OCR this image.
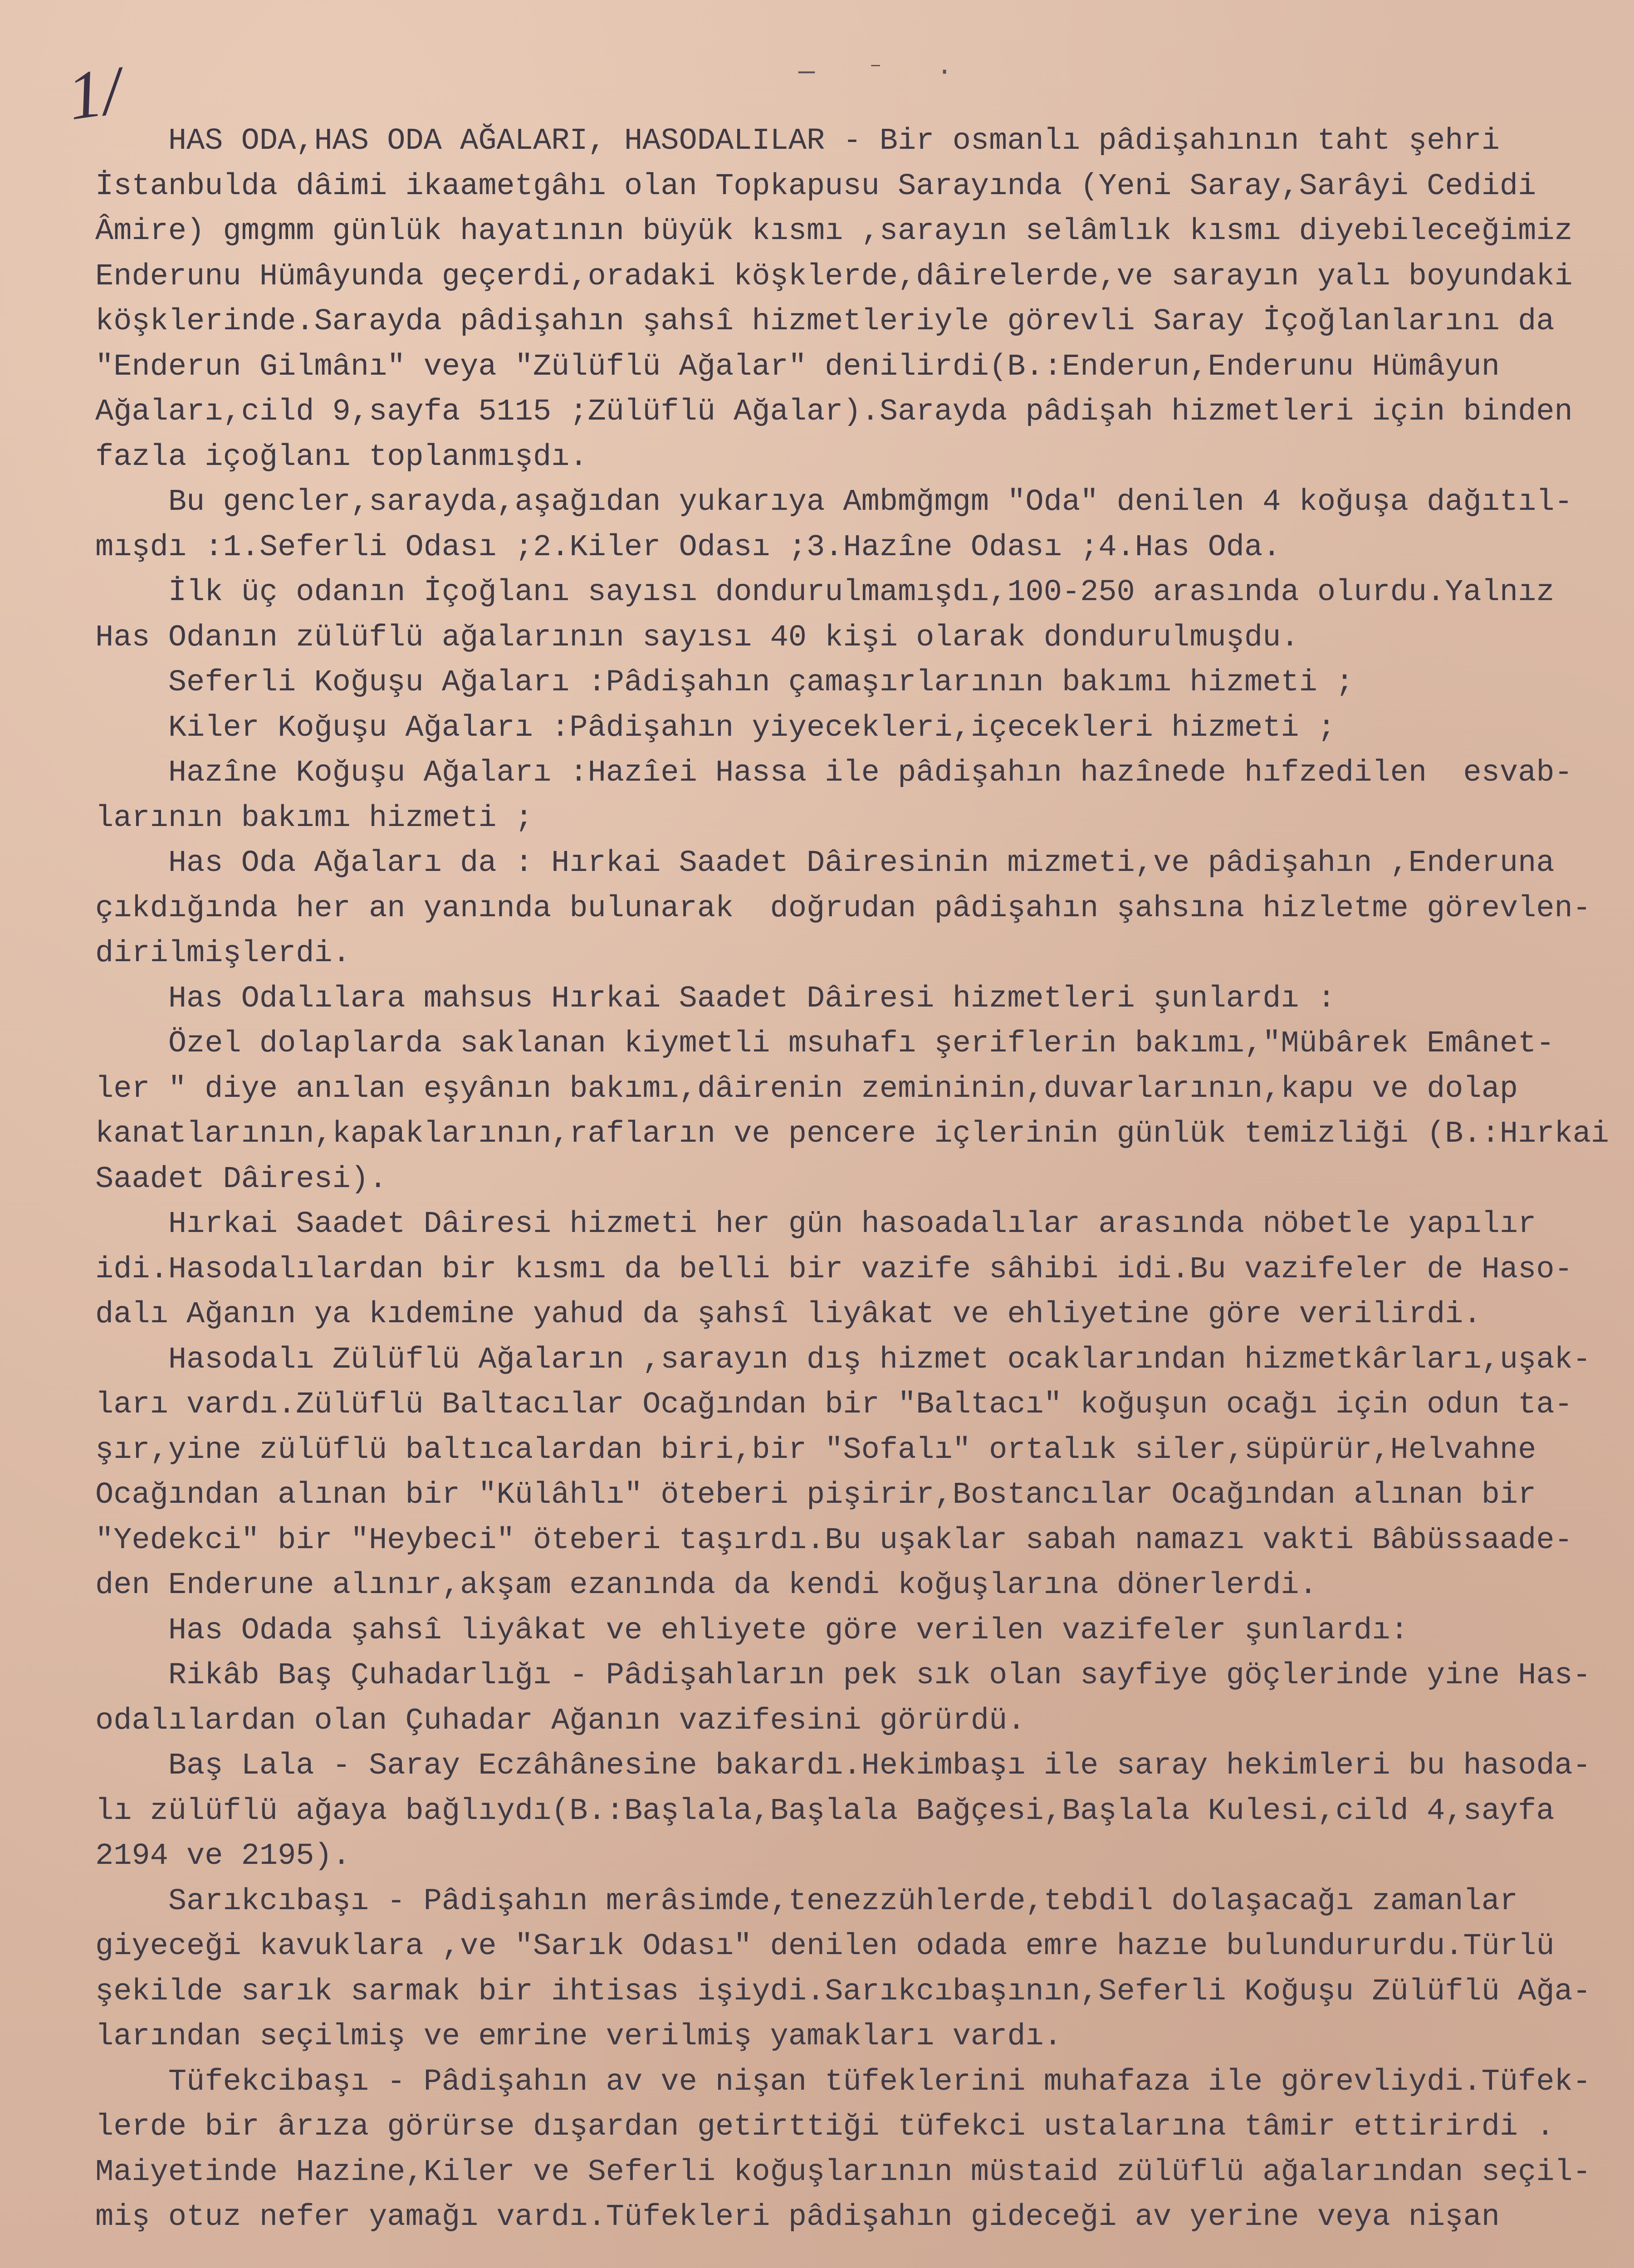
1/	— ⁻ ·
HAS ODA,HAS ODA AĞALARI, HASODALILAR - Bir osmanlı pâdişahının taht şehri
İstanbulda dâimi ikaametgâhı olan Topkapusu Sarayında (Yeni Saray,Sarâyi Cedidi
Âmire) gmgmm günlük hayatının büyük kısmı ,sarayın selâmlık kısmı diyebileceğimiz
Enderunu Hümâyunda geçerdi,oradaki köşklerde,dâirelerde,ve sarayın yalı boyundaki
köşklerinde.Sarayda pâdişahın şahsî hizmetleriyle görevli Saray İçoğlanlarını da
"Enderun Gilmânı" veya "Zülüflü Ağalar" denilirdi(B.:Enderun,Enderunu Hümâyun
Ağaları,cild 9,sayfa 5115 ;Zülüflü Ağalar).Sarayda pâdişah hizmetleri için binden
fazla içoğlanı toplanmışdı.
Bu gencler,sarayda,aşağıdan yukarıya Ambmğmgm "Oda" denilen 4 koğuşa dağıtıl-
mışdı :1.Seferli Odası ;2.Kiler Odası ;3.Hazîne Odası ;4.Has Oda.
İlk üç odanın İçoğlanı sayısı dondurulmamışdı,100-250 arasında olurdu.Yalnız
Has Odanın zülüflü ağalarının sayısı 40 kişi olarak dondurulmuşdu.
Seferli Koğuşu Ağaları :Pâdişahın çamaşırlarının bakımı hizmeti ;
Kiler Koğuşu Ağaları :Pâdişahın yiyecekleri,içecekleri hizmeti ;
Hazîne Koğuşu Ağaları :Hazîei Hassa ile pâdişahın hazînede hıfzedilen  esvab-
larının bakımı hizmeti ;
Has Oda Ağaları da : Hırkai Saadet Dâiresinin mizmeti,ve pâdişahın ,Enderuna
çıkdığında her an yanında bulunarak  doğrudan pâdişahın şahsına hizletme görevlen-
dirilmişlerdi.
Has Odalılara mahsus Hırkai Saadet Dâiresi hizmetleri şunlardı :
Özel dolaplarda saklanan kiymetli msuhafı şeriflerin bakımı,"Mübârek Emânet-
ler " diye anılan eşyânın bakımı,dâirenin zemininin,duvarlarının,kapu ve dolap
kanatlarının,kapaklarının,rafların ve pencere içlerinin günlük temizliği (B.:Hırkai
Saadet Dâiresi).
Hırkai Saadet Dâiresi hizmeti her gün hasoadalılar arasında nöbetle yapılır
idi.Hasodalılardan bir kısmı da belli bir vazife sâhibi idi.Bu vazifeler de Haso-
dalı Ağanın ya kıdemine yahud da şahsî liyâkat ve ehliyetine göre verilirdi.
Hasodalı Zülüflü Ağaların ,sarayın dış hizmet ocaklarından hizmetkârları,uşak-
ları vardı.Zülüflü Baltacılar Ocağından bir "Baltacı" koğuşun ocağı için odun ta-
şır,yine zülüflü baltıcalardan biri,bir "Sofalı" ortalık siler,süpürür,Helvahne
Ocağından alınan bir "Külâhlı" öteberi pişirir,Bostancılar Ocağından alınan bir
"Yedekci" bir "Heybeci" öteberi taşırdı.Bu uşaklar sabah namazı vakti Bâbüssaade-
den Enderune alınır,akşam ezanında da kendi koğuşlarına dönerlerdi.
Has Odada şahsî liyâkat ve ehliyete göre verilen vazifeler şunlardı:
Rikâb Baş Çuhadarlığı - Pâdişahların pek sık olan sayfiye göçlerinde yine Has-
odalılardan olan Çuhadar Ağanın vazifesini görürdü.
Baş Lala - Saray Eczâhânesine bakardı.Hekimbaşı ile saray hekimleri bu hasoda-
lı zülüflü ağaya bağlıydı(B.:Başlala,Başlala Bağçesi,Başlala Kulesi,cild 4,sayfa
2194 ve 2195).
Sarıkcıbaşı - Pâdişahın merâsimde,tenezzühlerde,tebdil dolaşacağı zamanlar
giyeceği kavuklara ,ve "Sarık Odası" denilen odada emre hazıe bulundururdu.Türlü
şekilde sarık sarmak bir ihtisas işiydi.Sarıkcıbaşının,Seferli Koğuşu Zülüflü Ağa-
larından seçilmiş ve emrine verilmiş yamakları vardı.
Tüfekcibaşı - Pâdişahın av ve nişan tüfeklerini muhafaza ile görevliydi.Tüfek-
lerde bir ârıza görürse dışardan getirttiği tüfekci ustalarına tâmir ettirirdi .
Maiyetinde Hazine,Kiler ve Seferli koğuşlarının müstaid zülüflü ağalarından seçil-
miş otuz nefer yamağı vardı.Tüfekleri pâdişahın gideceği av yerine veya nişan
